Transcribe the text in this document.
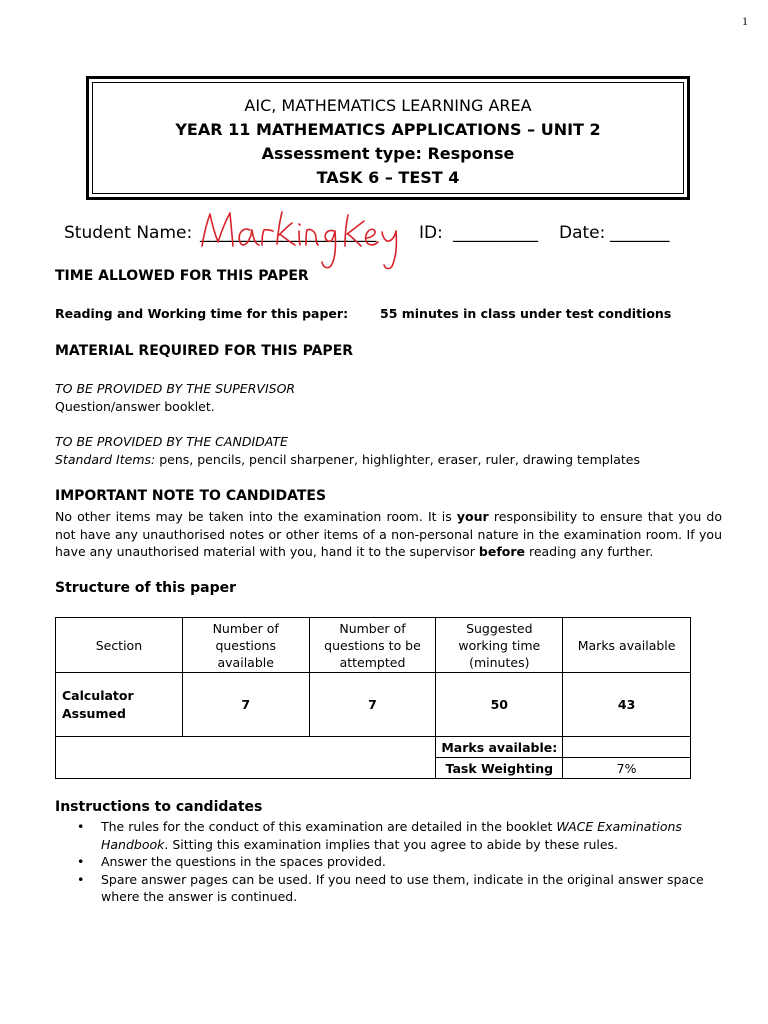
1
AIC, MATHEMATICS LEARNING AREA
YEAR 11 MATHEMATICS APPLICATIONS – UNIT 2
Assessment type: Response
TASK 6 – TEST 4
Student Name: ________________________	ID: __________ Date: _______
TIME ALLOWED FOR THIS PAPER
Reading and Working time for this paper:	55 minutes in class under test conditions
MATERIAL REQUIRED FOR THIS PAPER
TO BE PROVIDED BY THE SUPERVISOR
Question/answer booklet.
TO BE PROVIDED BY THE CANDIDATE
Standard Items: pens, pencils, pencil sharpener, highlighter, eraser, ruler, drawing templates
IMPORTANT NOTE TO CANDIDATES
No other items may be taken into the examination room. It is your responsibility to ensure that you do not have any unauthorised notes or other items of a non-personal nature in the examination room. If you have any unauthorised material with you, hand it to the supervisor before reading any further.
Structure of this paper
Section	Number of questions available	Number of questions to be attempted	Suggested working time (minutes)	Marks available
Calculator Assumed	7	7	50	43
			Marks available:	
			Task Weighting	7%
Instructions to candidates
• The rules for the conduct of this examination are detailed in the booklet WACE Examinations Handbook. Sitting this examination implies that you agree to abide by these rules.
• Answer the questions in the spaces provided.
• Spare answer pages can be used. If you need to use them, indicate in the original answer space where the answer is continued.
